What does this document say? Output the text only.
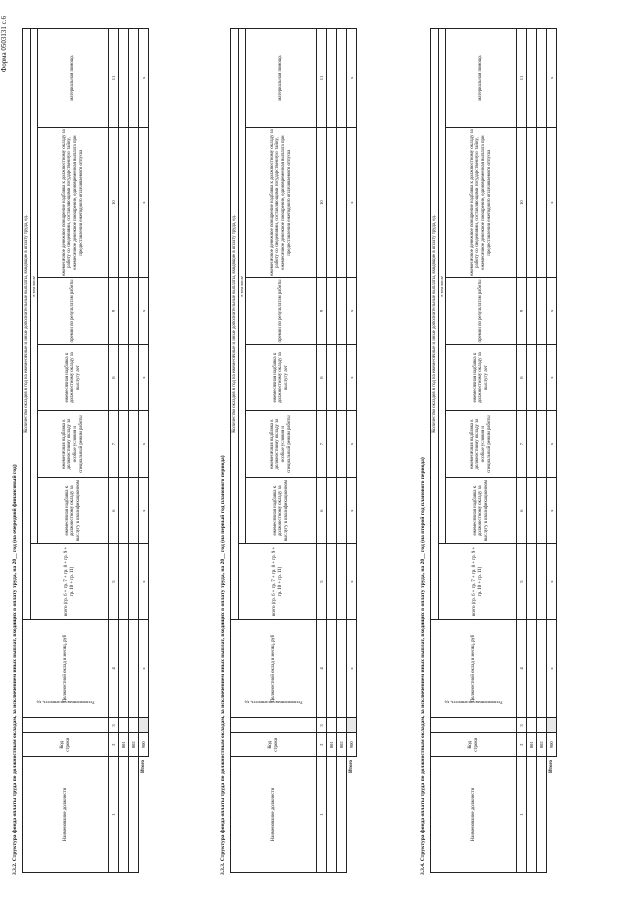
Форма 0503131 с.6
3.3.2. Структура фонда оплаты труда по должностным окладам, за исключением иных выплат, входящих в оплату труда, на 20__ год (на очередной финансовый год)	Наименование должности	Код строки	Установленная численность, ед.	Должностной оклад в месяц, руб	Количество окладов в год на ежемесячные и иные дополнительные выплаты, входящие в оплату труда, ед.						
				всего (гр. 6 + гр. 7 + гр. 8 + гр. 9 + гр. 10 + гр. 11)	в том числе					
					ежемесячная надбавка к должностному окладу за выслугу в квалификационном	ежемесячная надбавка к должностному окладу за особые условия и специальный режим работы	ежемесячная надбавка к должностному окладу за выслугу лет	премии по результатам работы	ежемесячное денежное поощрение надбавка к должностному окладу за работу со сведениями, составляющими государственную тайну, ежемесячное денежное поощрение, единовременная выплата при предоставлении ежегодного оплачиваемого отпуска	материальная помощь
1	2	3	4	5	6	7	8	9	10	11
	001									
	002									
Итого	900		x	x	x	x	x	x	x	x
3.3.3. Структура фонда оплаты труда по должностным окладам, за исключением иных выплат, входящих в оплату труда, на 20__ год (на первый год планового периода)	Наименование должности	Код строки	Установленная численность, ед.	Должностной оклад в месяц, руб	Количество окладов в год на ежемесячные и иные дополнительные выплаты, входящие в оплату труда, ед.						
				всего (гр. 6 + гр. 7 + гр. 8 + гр. 9 + гр. 10 + гр. 11)	в том числе					
					ежемесячная надбавка к должностному окладу за выслугу в квалификационном	ежемесячная надбавка к должностному окладу за особые условия и специальный режим работы	ежемесячная надбавка к должностному окладу за выслугу лет	премии по результатам работы	ежемесячное денежное поощрение надбавка к должностному окладу за работу со сведениями, составляющими государственную тайну, ежемесячное денежное поощрение, единовременная выплата при предоставлении ежегодного оплачиваемого отпуска	материальная помощь
1	2	3	4	5	6	7	8	9	10	11
	001									
	002									
Итого	900		x	x	x	x	x	x	x	x
3.3.4. Структура фонда оплаты труда по должностным окладам, за исключением иных выплат, входящих в оплату труда, на 20__ год (на второй год планового периода)	Наименование должности	Код строки	Установленная численность, ед.	Должностной оклад в месяц, руб	Количество окладов в год на ежемесячные и иные дополнительные выплаты, входящие в оплату труда, ед.						
				всего (гр. 6 + гр. 7 + гр. 8 + гр. 9 + гр. 10 + гр. 11)	в том числе					
					ежемесячная надбавка к должностному окладу за выслугу в квалификационном	ежемесячная надбавка к должностному окладу за особые условия и специальный режим работы	ежемесячная надбавка к должностному окладу за выслугу лет	премии по результатам работы	ежемесячное денежное поощрение надбавка к должностному окладу за работу со сведениями, составляющими государственную тайну, ежемесячное денежное поощрение, единовременная выплата при предоставлении ежегодного оплачиваемого отпуска	материальная помощь
1	2	3	4	5	6	7	8	9	10	11
	001									
	002									
Итого	900		x	x	x	x	x	x	x	x
